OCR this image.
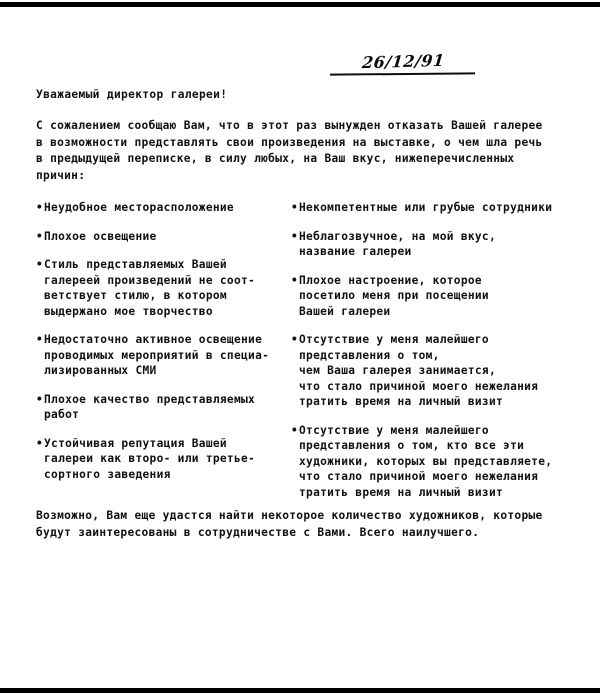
26/12/91
Уважаемый директор галереи!
С сожалением сообщаю Вам, что в этот раз вынужден отказать Вашей галерее
в возможности представлять свои произведения на выставке, о чем шла речь
в предыдущей переписке, в силу любых, на Ваш вкус, нижеперечисленных
причин:
• Неудобное месторасположение
• Плохое освещение
• Стиль представляемых Вашей
галереей произведений не соот-
ветствует стилю, в котором
выдержано мое творчество
• Недостаточно активное освещение
проводимых мероприятий в специа-
лизированных СМИ
• Плохое качество представляемых
работ
• Устойчивая репутация Вашей
галереи как второ- или третье-
сортного заведения
• Некомпетентные или грубые сотрудники
• Неблагозвучное, на мой вкус,
название галереи
• Плохое настроение, которое
посетило меня при посещении
Вашей галереи
• Отсутствие у меня малейшего
представления о том,
чем Ваша галерея занимается,
что стало причиной моего нежелания
тратить время на личный визит
• Отсутствие у меня малейшего
представления о том, кто все эти
художники, которых вы представляете,
что стало причиной моего нежелания
тратить время на личный визит
Возможно, Вам еще удастся найти некоторое количество художников, которые
будут заинтересованы в сотрудничестве с Вами. Всего наилучшего.
